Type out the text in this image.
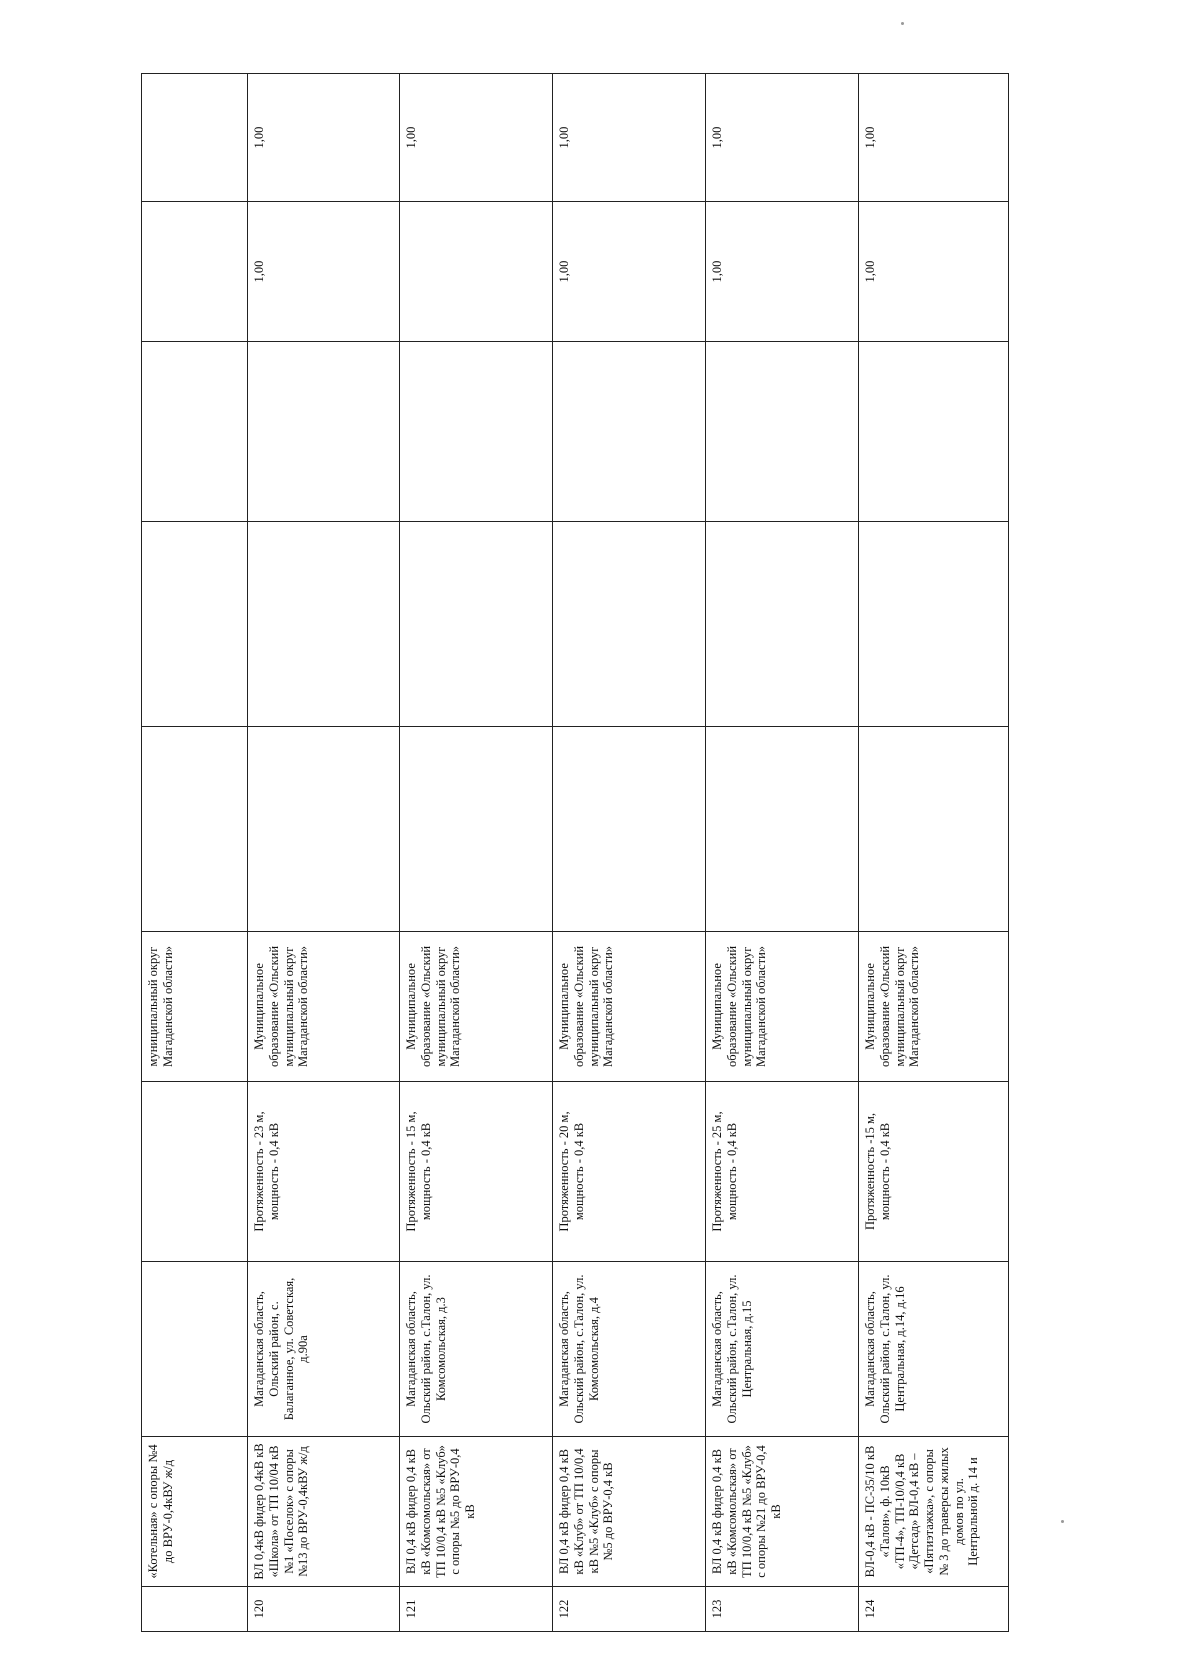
	«Котельная» с опоры №4 до ВРУ-0,4кВУ ж/д			муниципальный округ Магаданской области»					
120	ВЛ 0,4кВ фидер 0,4кВ кВ «Школа» от ТП 10/04 кВ №1 «Поселок» с опоры №13 до ВРУ-0,4кВУ ж/д	Магаданская область, Ольский район, с. Балаганное, ул. Советская, д.90а	Протяженность - 23 м, мощность - 0,4 кВ	Муниципальное образование «Ольский муниципальный округ Магаданской области»				1,00	1,00
121	ВЛ 0,4 кВ фидер 0,4 кВ кВ «Комсомольская» от ТП 10/0,4 кВ №5 «Клуб» с опоры №5 до ВРУ-0,4 кВ	Магаданская область, Ольский район, с.Талон, ул. Комсомольская, д.3	Протяженность - 15 м, мощность - 0,4 кВ	Муниципальное образование «Ольский муниципальный округ Магаданской области»					1,00
122	ВЛ 0,4 кВ фидер 0,4 кВ кВ «Клуб» от ТП 10/0,4 кВ №5 «Клуб» с опоры №5 до ВРУ-0,4 кВ	Магаданская область, Ольский район, с.Талон, ул. Комсомольская, д.4	Протяженность - 20 м, мощность - 0,4 кВ	Муниципальное образование «Ольский муниципальный округ Магаданской области»				1,00	1,00
123	ВЛ 0,4 кВ фидер 0,4 кВ кВ «Комсомольская» от ТП 10/0,4 кВ №5 «Клуб» с опоры №21 до ВРУ-0,4 кВ	Магаданская область, Ольский район, с.Талон, ул. Центральная, д.15	Протяженность - 25 м, мощность - 0,4 кВ	Муниципальное образование «Ольский муниципальный округ Магаданской области»				1,00	1,00
124	ВЛ-0,4 кВ - ПС-35/10 кВ «Талон», ф. 10кВ «ТП-4», ТП-10/0,4 кВ «Детсад» ВЛ-0,4 кВ – «Пятиэтажка», с опоры № 3 до траверсы жилых домов по ул. Центральной д. 14 и	Магаданская область, Ольский район, с.Талон, ул. Центральная, д.14, д.16	Протяженность -15 м, мощность - 0,4 кВ	Муниципальное образование «Ольский муниципальный округ Магаданской области»				1,00	1,00
